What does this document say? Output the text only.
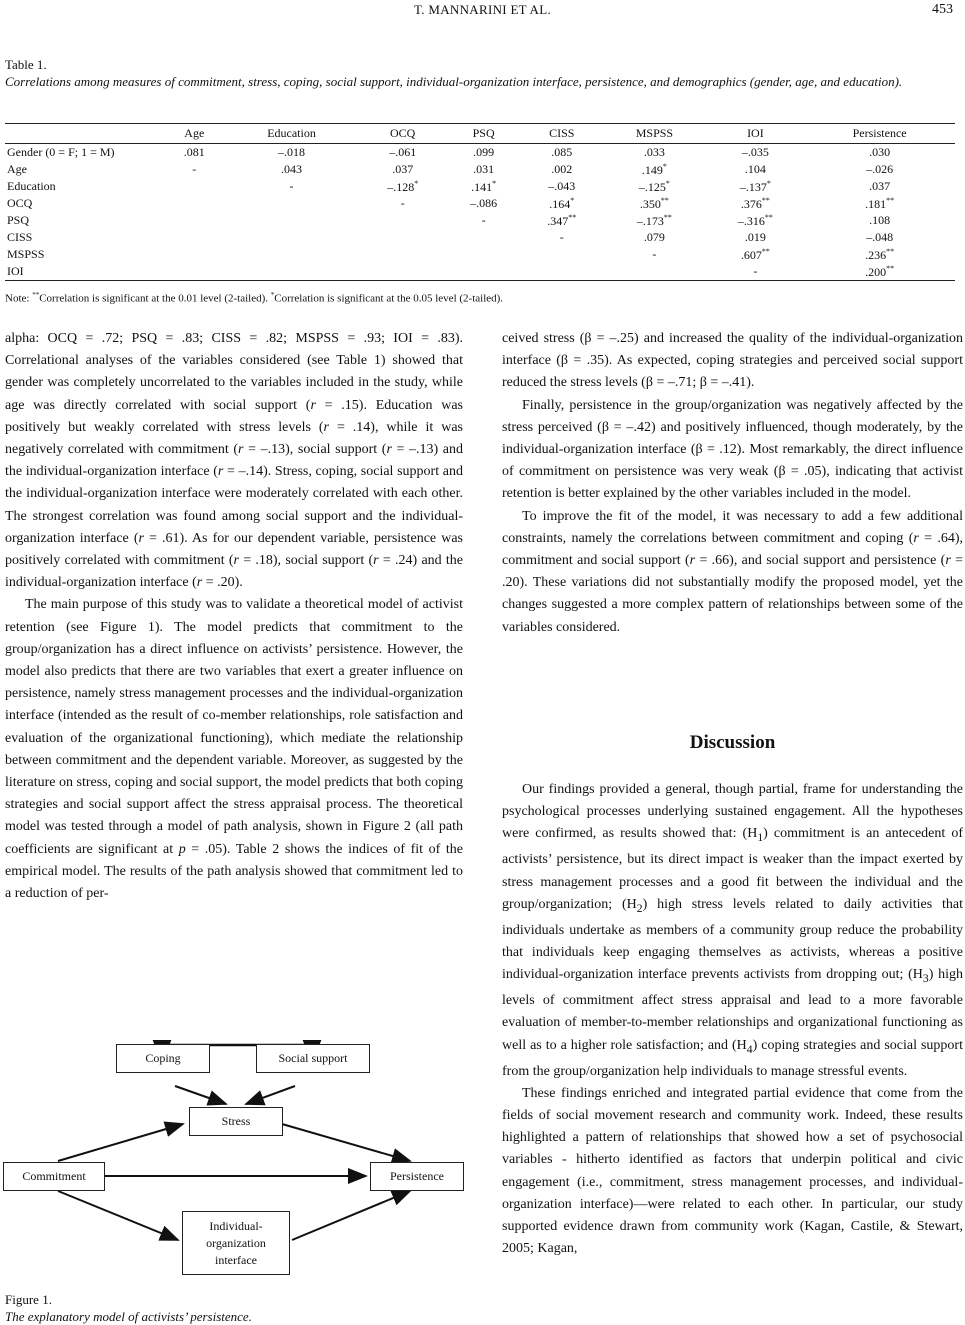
T. MANNARINI ET AL.	453
Table 1.
Correlations among measures of commitment, stress, coping, social support, individual-organization interface, persistence, and demographics (gender, age, and education).
	Age	Education	OCQ	PSQ	CISS	MSPSS	IOI	Persistence
Gender (0 = F; 1 = M)	.081	–.018	–.061	.099	.085	.033	–.035	.030
Age	-	.043	.037	.031	.002	.149*	.104	–.026
Education		-	–.128*	.141*	–.043	–.125*	–.137*	.037
OCQ			-	–.086	.164*	.350**	.376**	.181**
PSQ				-	.347**	–.173**	–.316**	.108
CISS					-	.079	.019	–.048
MSPSS						-	.607**	.236**
IOI							-	.200**
Note: **Correlation is significant at the 0.01 level (2-tailed). *Correlation is significant at the 0.05 level (2-tailed).

alpha: OCQ = .72; PSQ = .83; CISS = .82; MSPSS = .93; IOI = .83). Correlational analyses of the variables considered (see Table 1) showed that gender was completely uncorrelated to the variables included in the study, while age was directly correlated with social support (r = .15). Education was positively but weakly correlated with stress levels (r = .14), while it was negatively correlated with commitment (r = –.13), social support (r = –.13) and the individual-organization interface (r = –.14). Stress, coping, social support and the individual-organization interface were moderately correlated with each other. The strongest correlation was found among social support and the individual-organization interface (r = .61). As for our dependent variable, persistence was positively correlated with commitment (r = .18), social support (r = .24) and the individual-organization interface (r = .20).

The main purpose of this study was to validate a theoretical model of activist retention (see Figure 1). The model predicts that commitment to the group/organization has a direct influence on activists’ persistence. However, the model also predicts that there are two variables that exert a greater influence on persistence, namely stress management processes and the individual-organization interface (intended as the result of co-member relationships, role satisfaction and evaluation of the organizational functioning), which mediate the relationship between commitment and the dependent variable. Moreover, as suggested by the literature on stress, coping and social support, the model predicts that both coping strategies and social support affect the stress appraisal process. The theoretical model was tested through a model of path analysis, shown in Figure 2 (all path coefficients are significant at p = .05). Table 2 shows the indices of fit of the empirical model. The results of the path analysis showed that commitment led to a reduction of per-

ceived stress (β = –.25) and increased the quality of the individual-organization interface (β = .35). As expected, coping strategies and perceived social support reduced the stress levels (β = –.71; β = –.41).

Finally, persistence in the group/organization was negatively affected by the stress perceived (β = –.42) and positively influenced, though moderately, by the individual-organization interface (β = .12). Most remarkably, the direct influence of commitment on persistence was very weak (β = .05), indicating that activist retention is better explained by the other variables included in the model.

To improve the fit of the model, it was necessary to add a few additional constraints, namely the correlations between commitment and coping (r = .64), commitment and social support (r = .66), and social support and persistence (r = .20). These variations did not substantially modify the proposed model, yet the changes suggested a more complex pattern of relationships between some of the variables considered.

Discussion

Our findings provided a general, though partial, frame for understanding the psychological processes underlying sustained engagement. All the hypotheses were confirmed, as results showed that: $(H_1)$ commitment is an antecedent of activists’ persistence, but its direct impact is weaker than the impact exerted by stress management processes and a good fit between the individual and the group/organization; $(H_2)$ high stress levels related to daily activities that individuals undertake as members of a community group reduce the probability that individuals keep engaging themselves as activists, whereas a positive individual-organization interface prevents activists from dropping out; $(H_3)$ high levels of commitment affect stress appraisal and lead to a more favorable evaluation of member-to-member relationships and organizational functioning as well as to a higher role satisfaction; and $(H_4)$ coping strategies and social support from the group/organization help individuals to manage stressful events.

These findings enriched and integrated partial evidence that come from the fields of social movement research and community work. Indeed, these results highlighted a pattern of relationships that showed how a set of psychosocial variables - hitherto identified as factors that underpin political and civic engagement (i.e., commitment, stress management processes, and individual-organization interface)—were related to each other. In particular, our study supported evidence drawn from community work (Kagan, Castile, & Stewart, 2005; Kagan,

Coping	Social support
Stress
Commitment	Persistence
Individual-
organization
interface
Figure 1.
The explanatory model of activists’ persistence.
